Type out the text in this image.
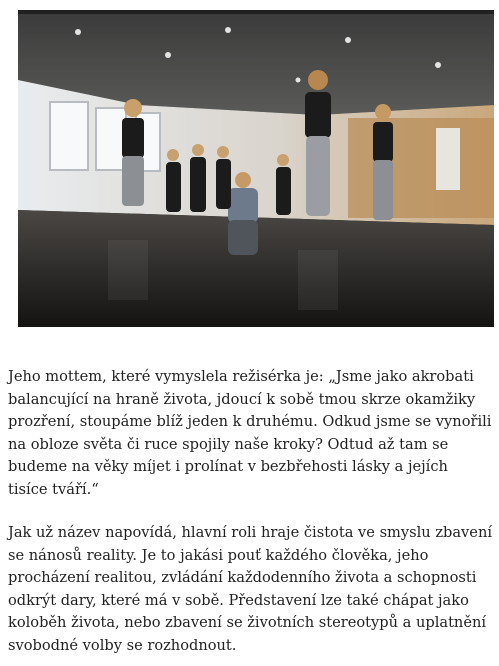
Jeho mottem, které vymyslela režisérka je: „Jsme jako akrobati balancující na hraně života, jdoucí k sobě tmou skrze okamžiky prozření, stoupáme blíž jeden k druhému. Odkud jsme se vynořili na obloze světa či ruce spojily naše kroky? Odtud až tam se budeme na věky míjet i prolínat v bezbřehosti lásky a jejích tisíce tváří.“

Jak už název napovídá, hlavní roli hraje čistota ve smyslu zbavení se nánosů reality. Je to jakási pouť každého člověka, jeho procházení realitou, zvládání každodenního života a schopnosti odkrýt dary, které má v sobě. Představení lze také chápat jako koloběh života, nebo zbavení se životních stereotypů a uplatnění svobodné volby se rozhodnout.
